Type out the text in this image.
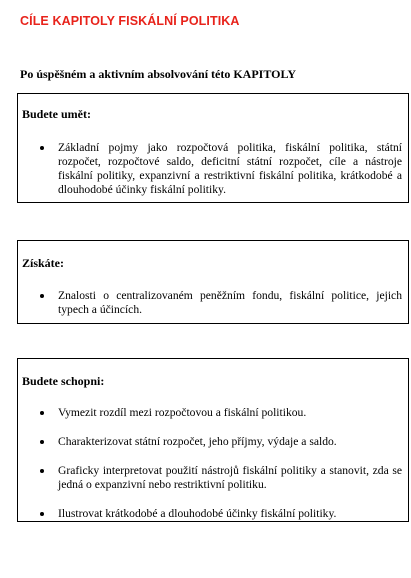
CÍLE KAPITOLY FISKÁLNÍ POLITIKA
Po úspěšném a aktivním absolvování této KAPITOLY
Budete umět:
Základní pojmy jako rozpočtová politika, fiskální politika, státní rozpočet, rozpočtové saldo, deficitní státní rozpočet, cíle a nástroje fiskální politiky, expanzivní a restriktivní fiskální politika, krátkodobé a dlouhodobé účinky fiskální politiky.
Získáte:
Znalosti o centralizovaném peněžním fondu, fiskální politice, jejich typech a účincích.
Budete schopni:
Vymezit rozdíl mezi rozpočtovou a fiskální politikou.
Charakterizovat státní rozpočet, jeho příjmy, výdaje a saldo.
Graficky interpretovat použití nástrojů fiskální politiky a stanovit, zda se jedná o expanzivní nebo restriktivní politiku.
Ilustrovat krátkodobé a dlouhodobé účinky fiskální politiky.
